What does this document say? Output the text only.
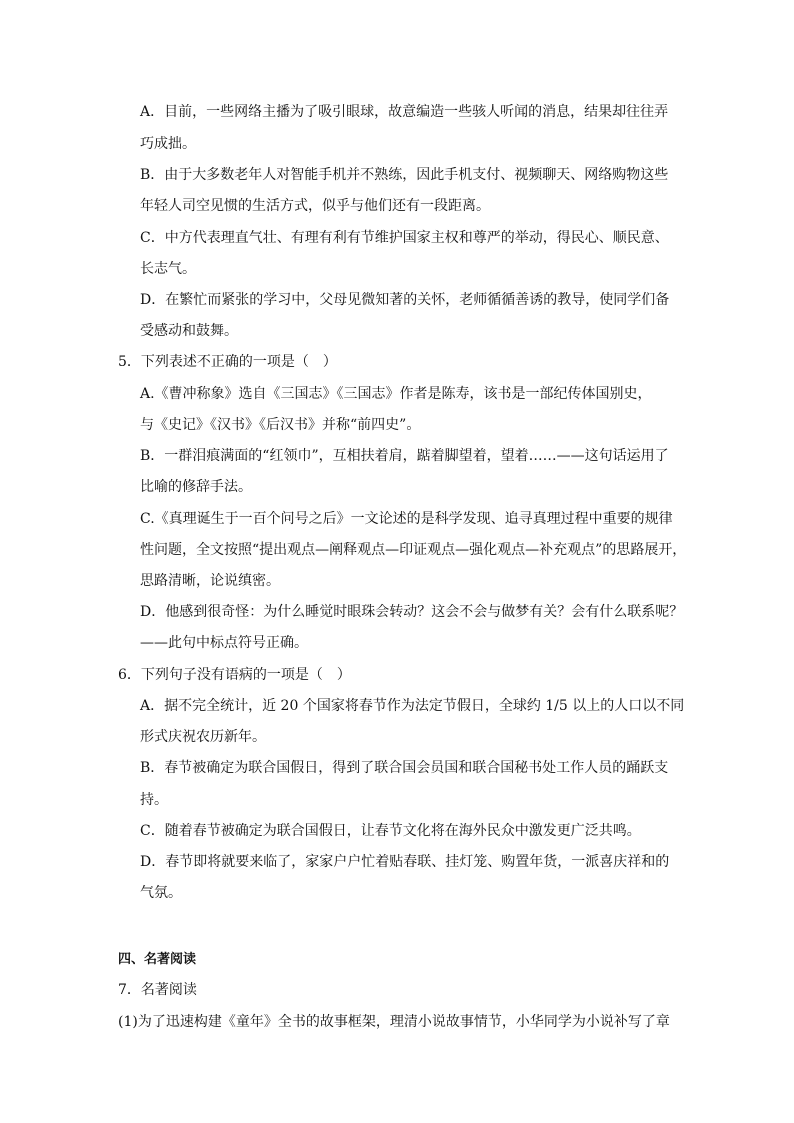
A．目前，一些网络主播为了吸引眼球，故意编造一些骇人听闻的消息，结果却往往弄
巧成拙。
B．由于大多数老年人对智能手机并不熟练，因此手机支付、视频聊天、网络购物这些
年轻人司空见惯的生活方式，似乎与他们还有一段距离。
C．中方代表理直气壮、有理有利有节维护国家主权和尊严的举动，得民心、顺民意、
长志气。
D．在繁忙而紧张的学习中，父母见微知著的关怀，老师循循善诱的教导，使同学们备
受感动和鼓舞。
5．下列表述不正确的一项是（　）
A.《曹冲称象》选自《三国志》《三国志》作者是陈寿，该书是一部纪传体国别史，
与《史记》《汉书》《后汉书》并称“前四史”。
B．一群泪痕满面的“红领巾”，互相扶着肩，踮着脚望着，望着……——这句话运用了
比喻的修辞手法。
C.《真理诞生于一百个问号之后》一文论述的是科学发现、追寻真理过程中重要的规律
性问题，全文按照“提出观点—阐释观点—印证观点—强化观点—补充观点”的思路展开，
思路清晰，论说缜密。
D．他感到很奇怪：为什么睡觉时眼珠会转动？这会不会与做梦有关？会有什么联系呢？
——此句中标点符号正确。
6．下列句子没有语病的一项是（　）
A．据不完全统计，近 20 个国家将春节作为法定节假日，全球约 1/5 以上的人口以不同
形式庆祝农历新年。
B．春节被确定为联合国假日，得到了联合国会员国和联合国秘书处工作人员的踊跃支
持。
C．随着春节被确定为联合国假日，让春节文化将在海外民众中激发更广泛共鸣。
D．春节即将就要来临了，家家户户忙着贴春联、挂灯笼、购置年货，一派喜庆祥和的
气氛。
四、名著阅读
7．名著阅读
(1)为了迅速构建《童年》全书的故事框架，理清小说故事情节，小华同学为小说补写了章
